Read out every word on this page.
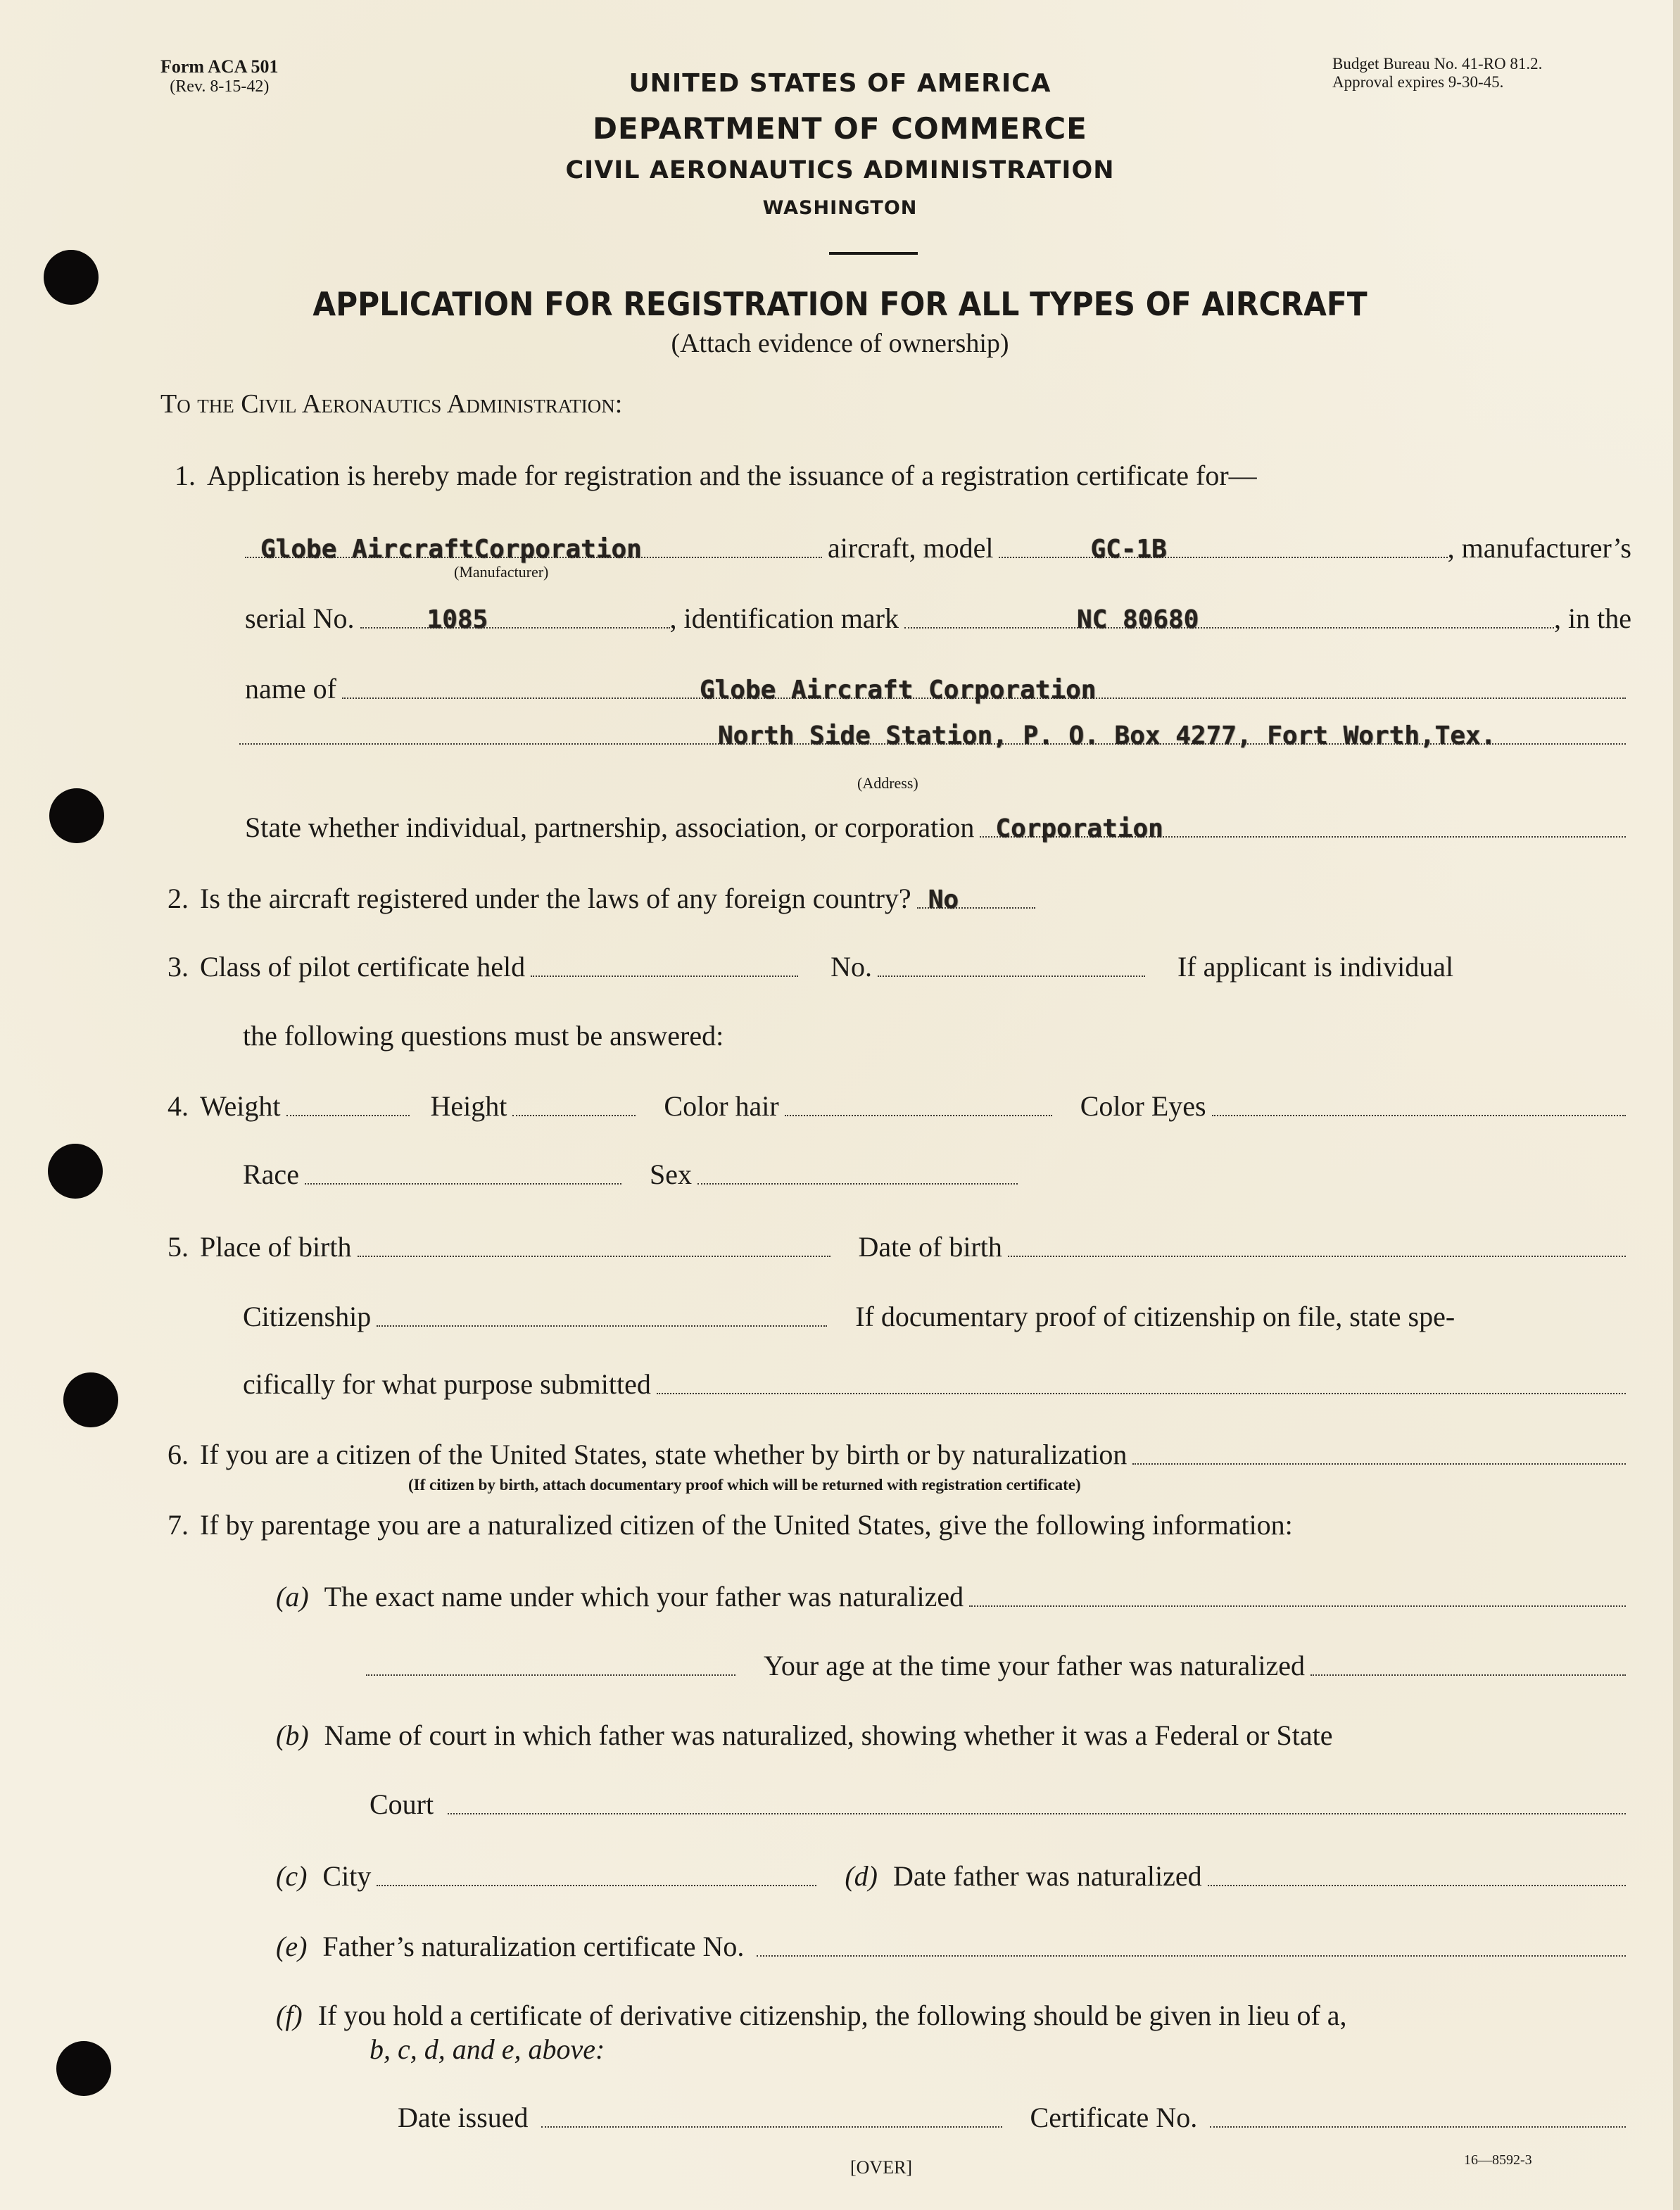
Form ACA 501
(Rev. 8-15-42)
Budget Bureau No. 41-RO 81.2.
Approval expires 9-30-45.
UNITED STATES OF AMERICA
DEPARTMENT OF COMMERCE
CIVIL AERONAUTICS ADMINISTRATION
WASHINGTON
APPLICATION FOR REGISTRATION FOR ALL TYPES OF AIRCRAFT
(Attach evidence of ownership)
To the Civil Aeronautics Administration:
1. Application is hereby made for registration and the issuance of a registration certificate for—
Globe AircraftCorporation	aircraft, model	GC-1B	, manufacturer’s
(Manufacturer)
serial No.	1085	, identification mark	NC 80680	, in the
name of	Globe Aircraft Corporation
North Side Station, P. O. Box 4277, Fort Worth,Tex.
(Address)
State whether individual, partnership, association, or corporation Corporation
2. Is the aircraft registered under the laws of any foreign country? No
3. Class of pilot certificate held	No.	If applicant is individual
the following questions must be answered:
4. Weight	Height	Color hair	Color Eyes
Race	Sex
5. Place of birth	Date of birth
Citizenship	If documentary proof of citizenship on file, state spe-
cifically for what purpose submitted
6. If you are a citizen of the United States, state whether by birth or by naturalization
(If citizen by birth, attach documentary proof which will be returned with registration certificate)
7. If by parentage you are a naturalized citizen of the United States, give the following information:
(a) The exact name under which your father was naturalized
Your age at the time your father was naturalized
(b) Name of court in which father was naturalized, showing whether it was a Federal or State
Court
(c) City	(d) Date father was naturalized
(e) Father’s naturalization certificate No.
(f) If you hold a certificate of derivative citizenship, the following should be given in lieu of a,
b, c, d, and e, above:
Date issued	Certificate No.
[OVER]	16—8592-3
